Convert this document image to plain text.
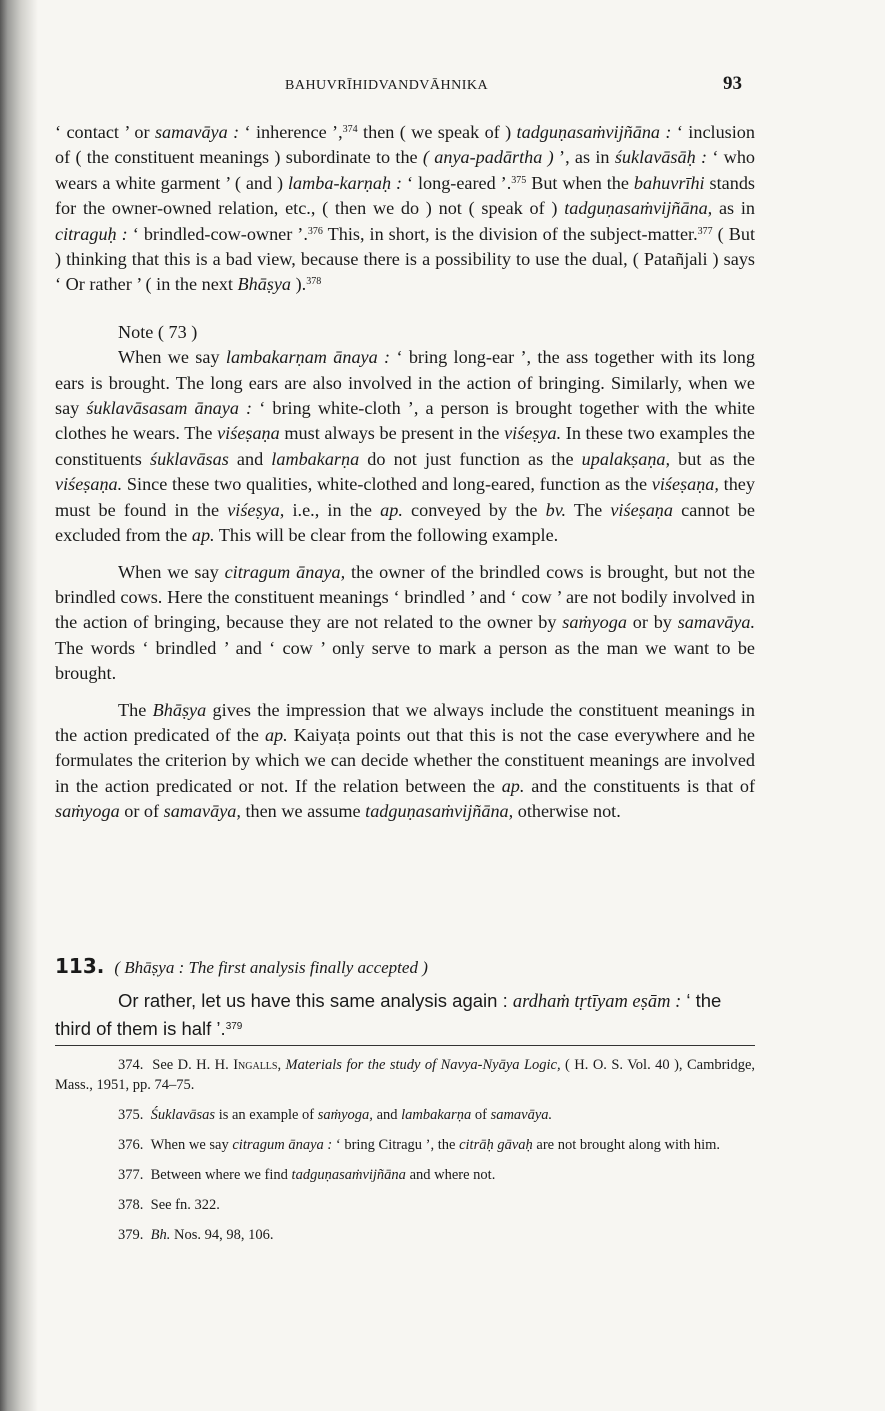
BAHUVRĪHIDVANDVĀHNIKA	93

‘ contact ’ or samavāya : ‘ inherence ’,$^{374}$ then ( we speak of ) tadguṇasaṁvijñāna : ‘ inclusion of ( the constituent meanings ) subordinate to the ( anya-padārtha ) ’, as in śuklavāsāḥ : ‘ who wears a white garment ’ ( and ) lamba-karṇaḥ : ‘ long-eared ’.$^{375}$ But when the bahuvrīhi stands for the owner-owned relation, etc., ( then we do ) not ( speak of ) tadguṇasaṁvijñāna, as in citraguḥ : ‘ brindled-cow-owner ’.$^{376}$ This, in short, is the division of the subject-matter.$^{377}$ ( But ) thinking that this is a bad view, because there is a possibility to use the dual, ( Patañjali ) says ‘ Or rather ’ ( in the next Bhāṣya ).$^{378}$

Note ( 73 )

When we say lambakarṇam ānaya : ‘ bring long-ear ’, the ass together with its long ears is brought. The long ears are also involved in the action of bringing. Similarly, when we say śuklavāsasam ānaya : ‘ bring white-cloth ’, a person is brought together with the white clothes he wears. The viśeṣaṇa must always be present in the viśeṣya. In these two examples the constituents śuklavāsas and lambakarṇa do not just function as the upalakṣaṇa, but as the viśeṣaṇa. Since these two qualities, white-clothed and long-eared, function as the viśeṣaṇa, they must be found in the viśeṣya, i.e., in the ap. conveyed by the bv. The viśeṣaṇa cannot be excluded from the ap. This will be clear from the following example.

When we say citragum ānaya, the owner of the brindled cows is brought, but not the brindled cows. Here the constituent meanings ‘ brindled ’ and ‘ cow ’ are not bodily involved in the action of bringing, because they are not related to the owner by saṁyoga or by samavāya. The words ‘ brindled ’ and ‘ cow ’ only serve to mark a person as the man we want to be brought.

The Bhāṣya gives the impression that we always include the constituent meanings in the action predicated of the ap. Kaiyaṭa points out that this is not the case everywhere and he formulates the criterion by which we can decide whether the constituent meanings are involved in the action predicated or not. If the relation between the ap. and the constituents is that of saṁyoga or of samavāya, then we assume tadguṇasaṁvijñāna, otherwise not.

113. ( Bhāṣya : The first analysis finally accepted )

Or rather, let us have this same analysis again : ardhaṁ tṛtīyam eṣām : ‘ the third of them is half ’.$^{379}$

374. See D. H. H. Ingalls, Materials for the study of Navya-Nyāya Logic, ( H. O. S. Vol. 40 ), Cambridge, Mass., 1951, pp. 74–75.

375. Śuklavāsas is an example of saṁyoga, and lambakarṇa of samavāya.

376. When we say citragum ānaya : ‘ bring Citragu ’, the citrāḥ gāvaḥ are not brought along with him.

377. Between where we find tadguṇasaṁvijñāna and where not.

378. See fn. 322.

379. Bh. Nos. 94, 98, 106.
